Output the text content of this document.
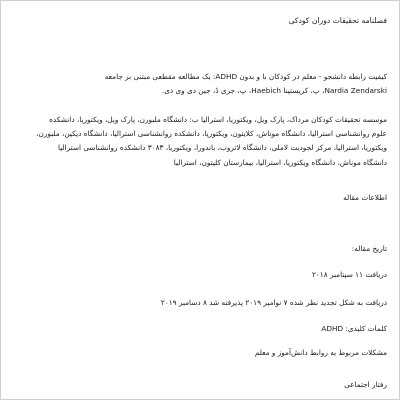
فصلنامه تحقیقات دوران کودکی
کیفیت رابطه دانشجو - معلم در کودکان با و بدون ADHD: یک مطالعه مقطعی مبتنی بر جامعه
Nardia Zendarski، پ، کریستینا Haebich، پ، جری ڈ، جین دی وی دی.
موسسه تحقیقات کودکان مرداک، پارک ویل، ویکتوریا، استرالیا ب: دانشگاه ملبورن، پارک ویل، ویکتوریا، دانشکده
علوم روانشناسی استرالیا، دانشگاه موناش، کلایتون، ویکتوریا، دانشکده روانشناسی استرالیا، دانشگاه دیکین، ملبورن،
ویکتوریا، استرالیا، مرکز لجودیت لاملی، دانشگاه لاتروب، باندورا، ویکتوریا، ۳۰۸۳ دانشکده روانشناسی استرالیا
دانشگاه موناش، دانشگاه ویکتوریا، استرالیا، بیمارستان کلیتون، استرالیا
اطلاعات مقاله
تاریخ مقاله:
دریافت ۱۱ سپتامبر ۲۰۱۸
دریافت به شکل تجدید نظر شده ۷ نوامبر ۲۰۱۹ پذیرفته شد ۸ دسامبر ۲۰۱۹
کلمات کلیدی: ADHD
مشکلات مربوط به روابط دانش‌آموز و معلم
رفتار اجتماعی
